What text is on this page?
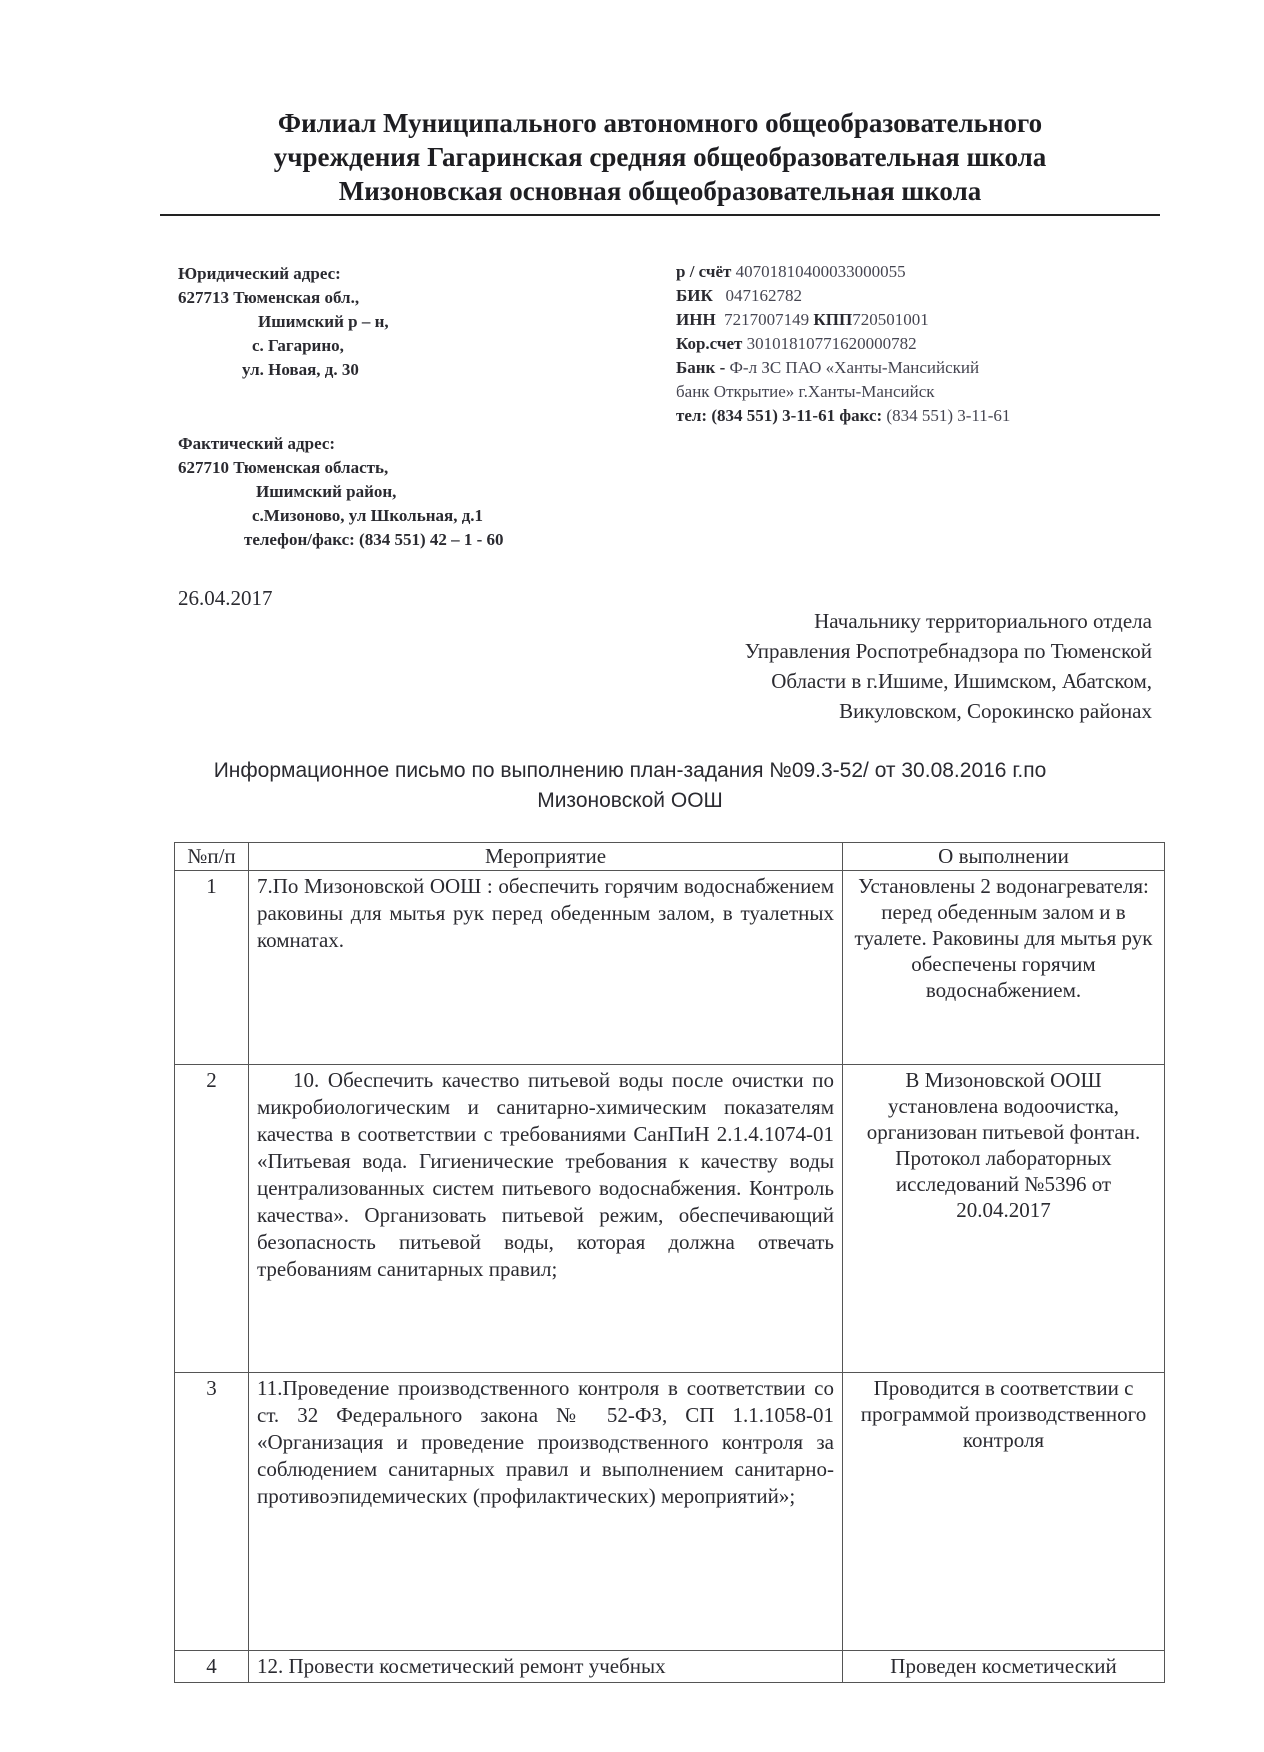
Филиал Муниципального автономного общеобразовательного
учреждения Гагаринская средняя общеобразовательная школа
Мизоновская основная общеобразовательная школа
Юридический адрес:
627713 Тюменская обл.,
Ишимский р – н,
с. Гагарино,
ул. Новая, д. 30
р / счёт 40701810400033000055
БИК 047162782
ИНН 7217007149 КПП720501001
Кор.счет 30101810771620000782
Банк - Ф-л ЗС ПАО «Ханты-Мансийский
банк Открытие» г.Ханты-Мансийск
тел: (834 551) 3-11-61 факс: (834 551) 3-11-61
Фактический адрес:
627710 Тюменская область,
Ишимский район,
с.Мизоново, ул Школьная, д.1
телефон/факс: (834 551) 42 – 1 - 60
26.04.2017
Начальнику территориального отдела
Управления Роспотребнадзора по Тюменской
Области в г.Ишиме, Ишимском, Абатском,
Викуловском, Сорокинско районах
Информационное письмо по выполнению план-задания №09.3-52/ от 30.08.2016 г.по
Мизоновской ООШ
№п/п	Мероприятие	О выполнении
1	7.По Мизоновской ООШ : обеспечить горячим водоснабжением раковины для мытья рук перед обеденным залом, в туалетных комнатах.	Установлены 2 водонагревателя: перед обеденным залом и в туалете. Раковины для мытья рук обеспечены горячим водоснабжением.
2	10. Обеспечить качество питьевой воды после очистки по микробиологическим и санитарно-химическим показателям качества в соответствии с требованиями СанПиН 2.1.4.1074-01 «Питьевая вода. Гигиенические требования к качеству воды централизованных систем питьевого водоснабжения. Контроль качества». Организовать питьевой режим, обеспечивающий безопасность питьевой воды, которая должна отвечать требованиям санитарных правил;	В Мизоновской ООШ установлена водоочистка, организован питьевой фонтан. Протокол лабораторных исследований №5396 от 20.04.2017
3	11.Проведение производственного контроля в соответствии со ст. 32 Федерального закона № 52-ФЗ, СП 1.1.1058-01 «Организация и проведение производственного контроля за соблюдением санитарных правил и выполнением санитарно-противоэпидемических (профилактических) мероприятий»;	Проводится в соответствии с программой производственного контроля
4	12. Провести косметический ремонт учебных	Проведен косметический
